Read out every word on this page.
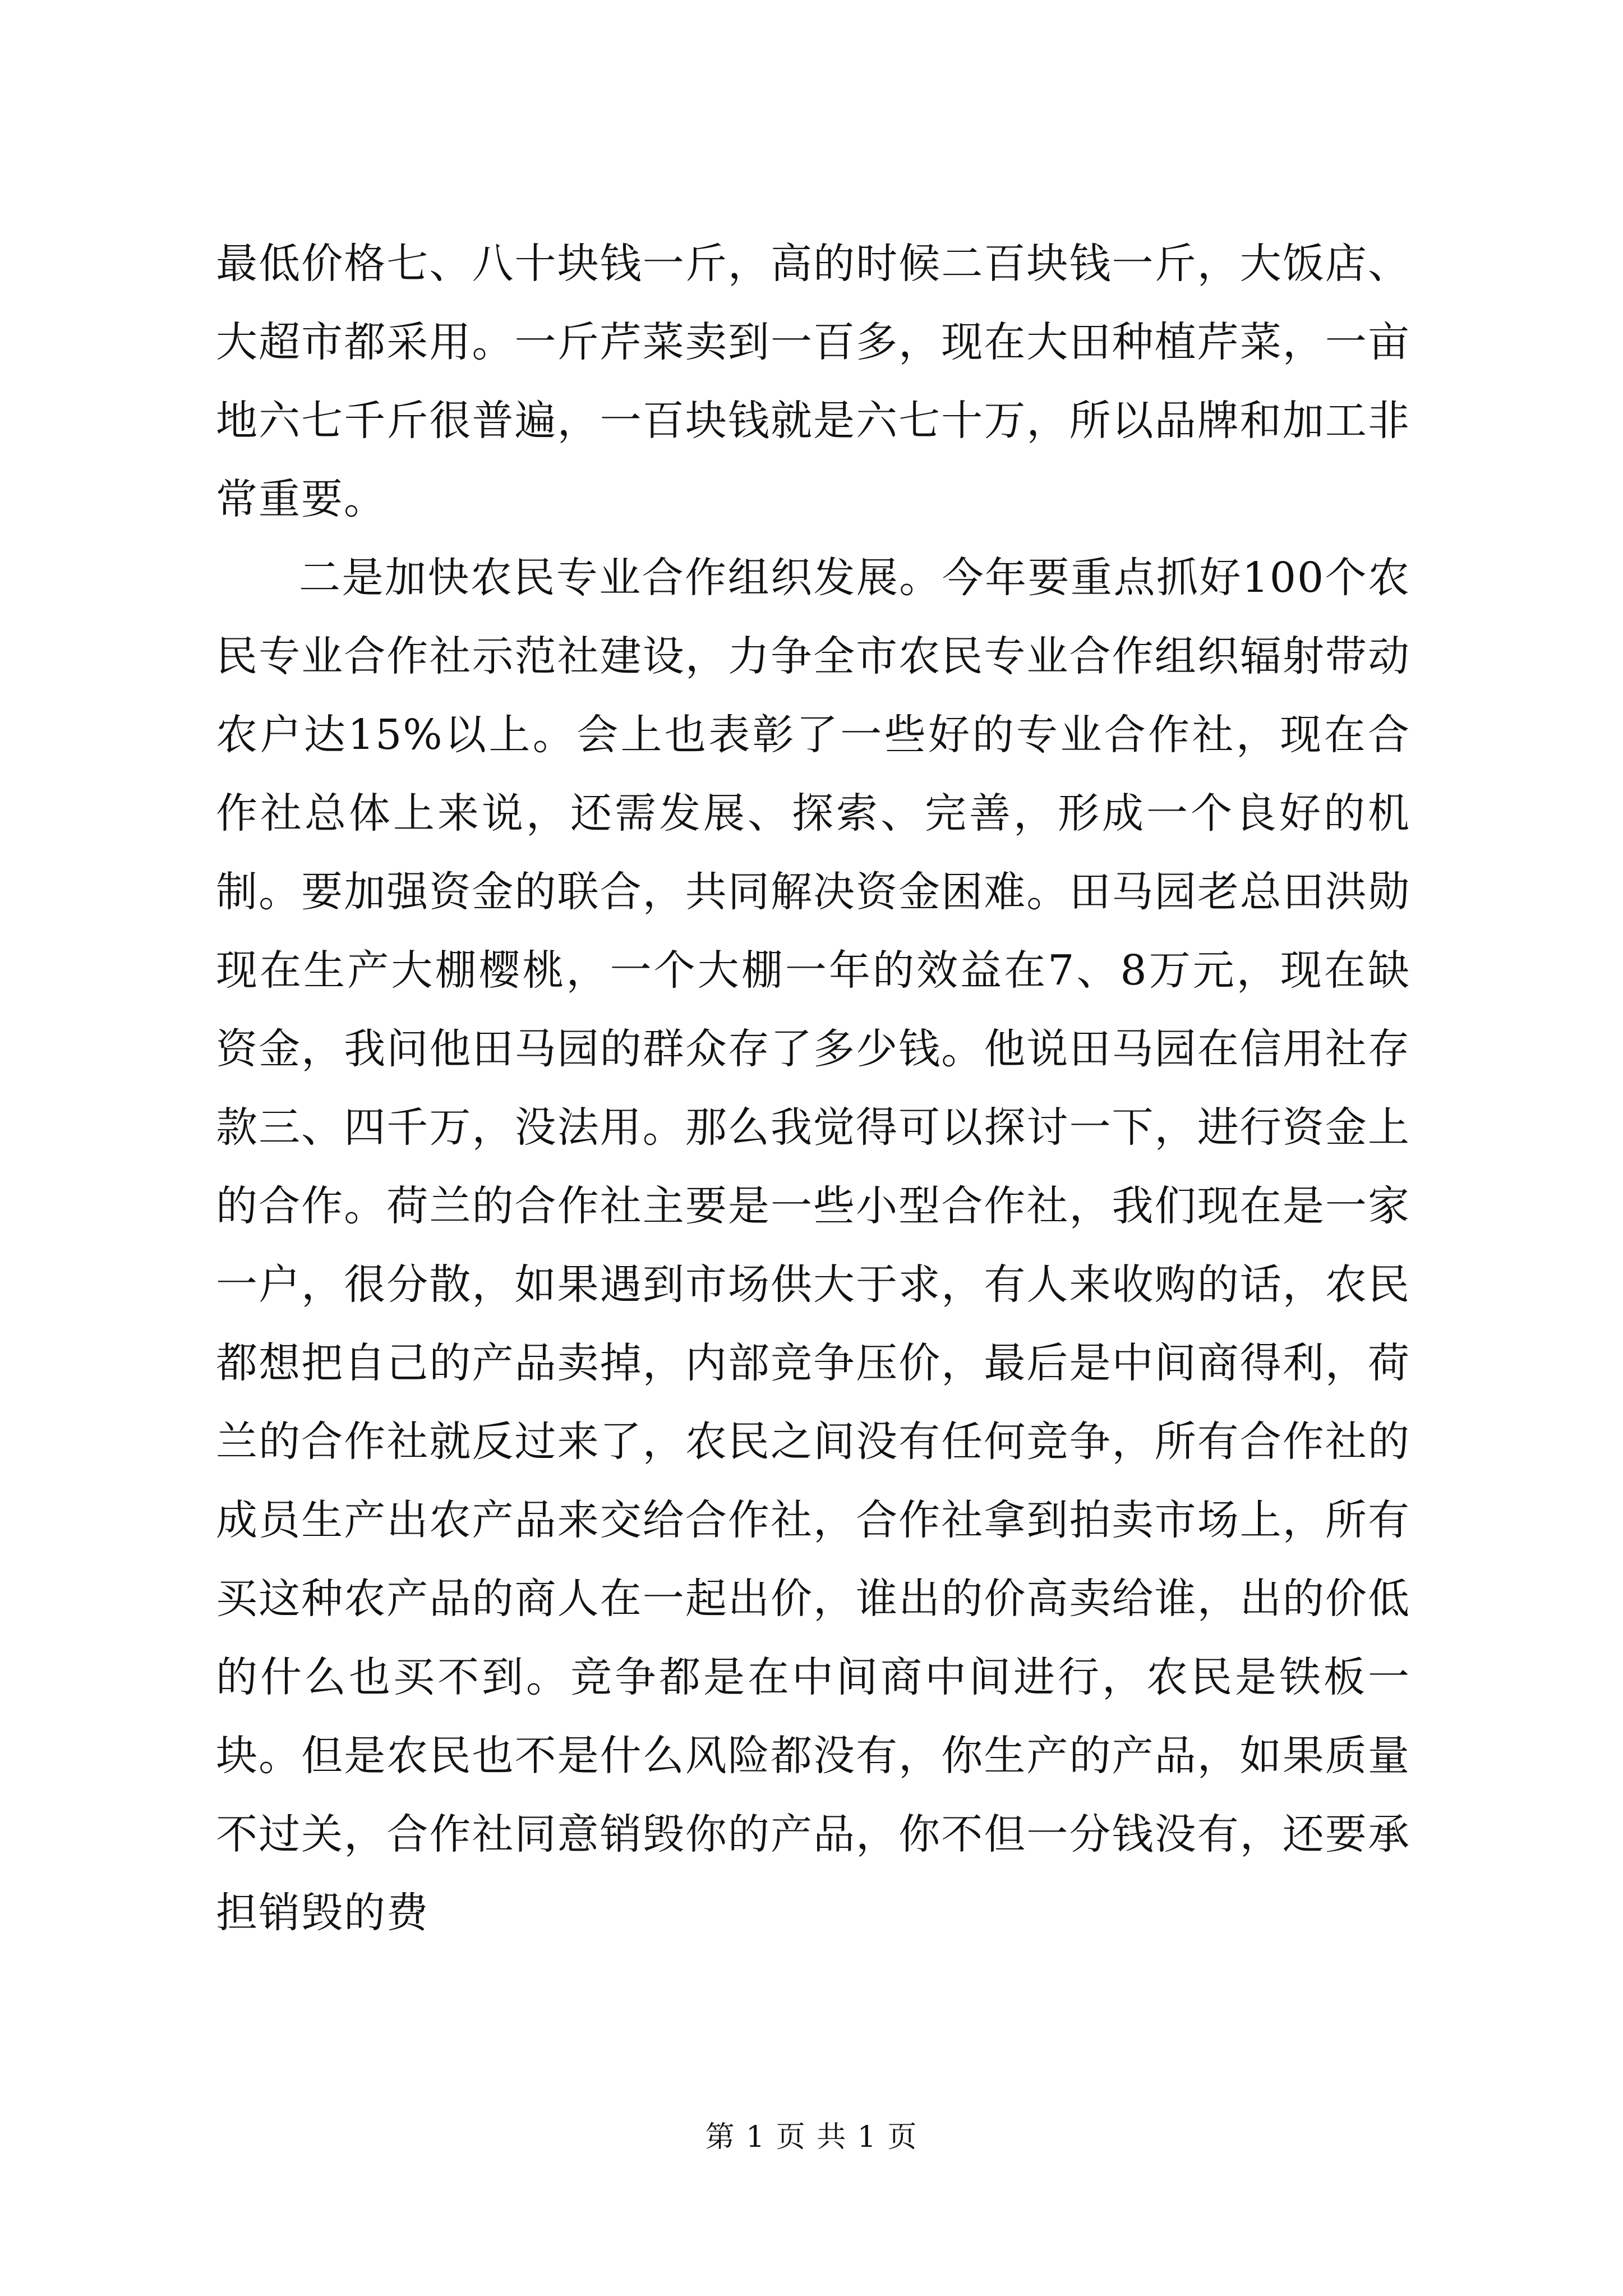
最低价格七、八十块钱一斤，高的时候二百块钱一斤，大饭店、大超市都采用。一斤芹菜卖到一百多，现在大田种植芹菜，一亩地六七千斤很普遍，一百块钱就是六七十万，所以品牌和加工非常重要。

二是加快农民专业合作组织发展。今年要重点抓好100个农民专业合作社示范社建设，力争全市农民专业合作组织辐射带动农户达15%以上。会上也表彰了一些好的专业合作社，现在合作社总体上来说，还需发展、探索、完善，形成一个良好的机制。要加强资金的联合，共同解决资金困难。田马园老总田洪勋现在生产大棚樱桃，一个大棚一年的效益在7、8万元，现在缺资金，我问他田马园的群众存了多少钱。他说田马园在信用社存款三、四千万，没法用。那么我觉得可以探讨一下，进行资金上的合作。荷兰的合作社主要是一些小型合作社，我们现在是一家一户，很分散，如果遇到市场供大于求，有人来收购的话，农民都想把自己的产品卖掉，内部竞争压价，最后是中间商得利，荷兰的合作社就反过来了，农民之间没有任何竞争，所有合作社的成员生产出农产品来交给合作社，合作社拿到拍卖市场上，所有买这种农产品的商人在一起出价，谁出的价高卖给谁，出的价低的什么也买不到。竞争都是在中间商中间进行，农民是铁板一块。但是农民也不是什么风险都没有，你生产的产品，如果质量不过关，合作社同意销毁你的产品，你不但一分钱没有，还要承担销毁的费

第 1 页 共 1 页
